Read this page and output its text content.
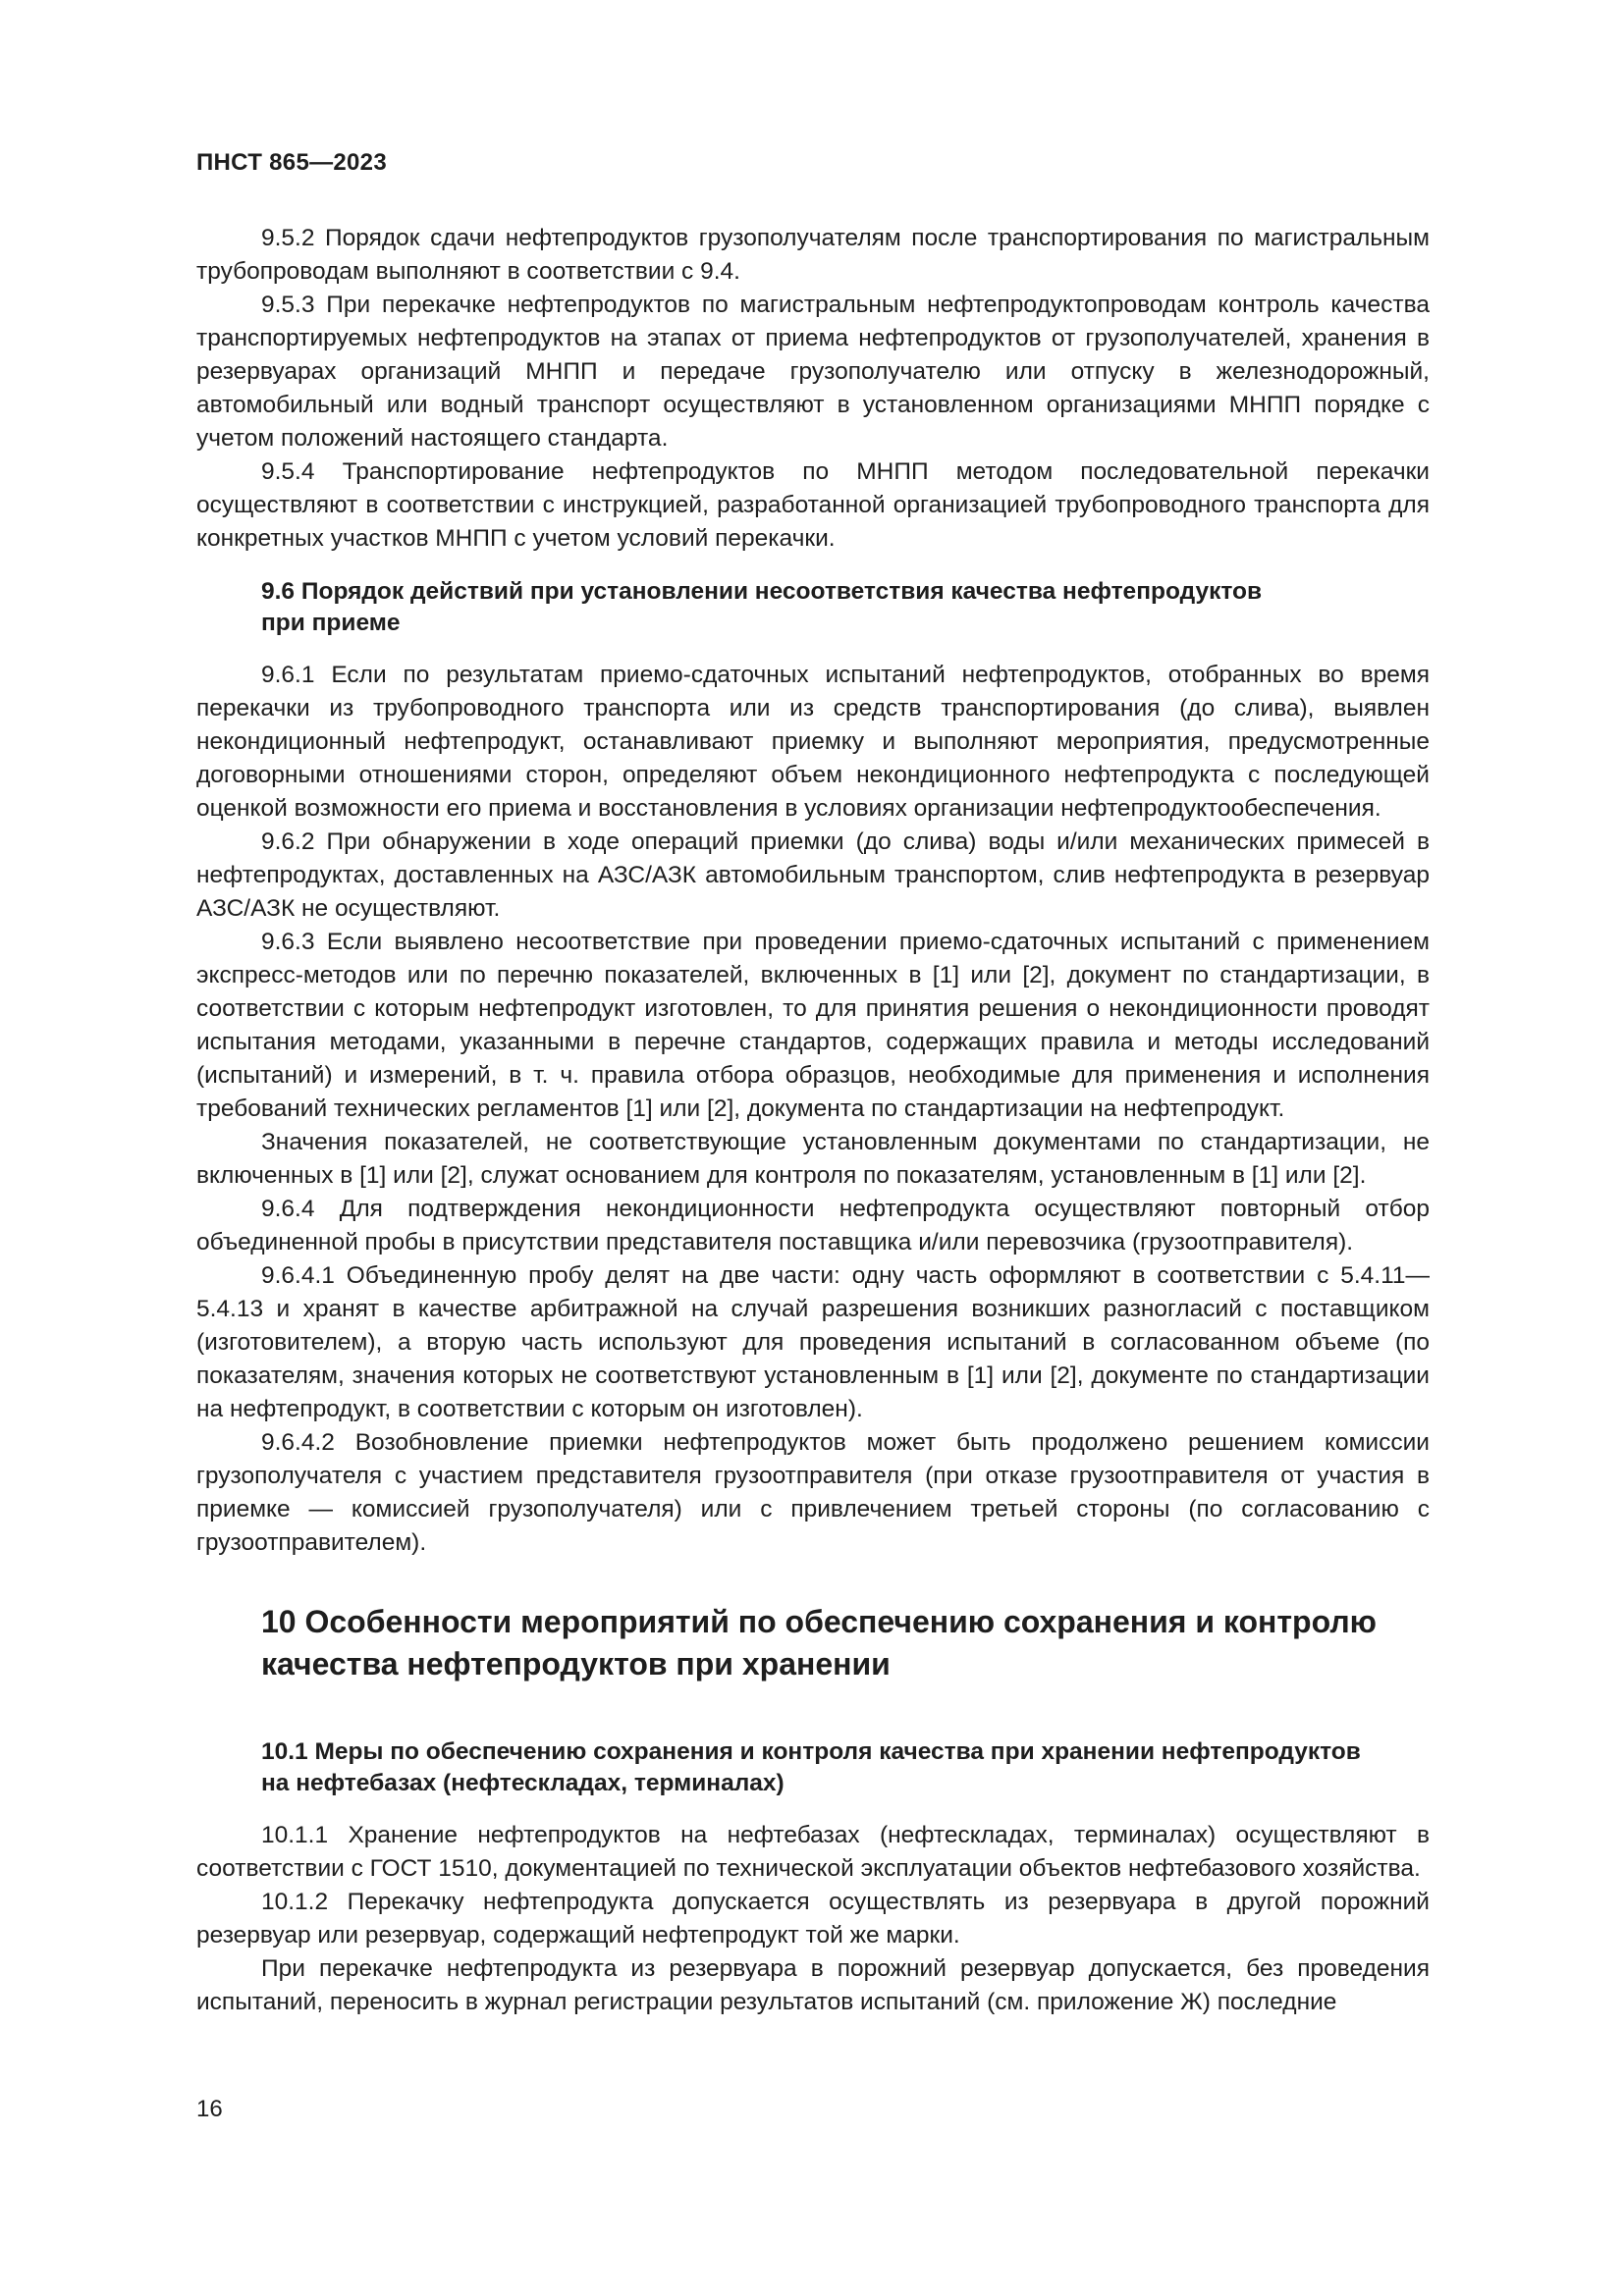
ПНСТ 865—2023

9.5.2 Порядок сдачи нефтепродуктов грузополучателям после транспортирования по магистральным трубопроводам выполняют в соответствии с 9.4.

9.5.3 При перекачке нефтепродуктов по магистральным нефтепродуктопроводам контроль качества транспортируемых нефтепродуктов на этапах от приема нефтепродуктов от грузополучателей, хранения в резервуарах организаций МНПП и передаче грузополучателю или отпуску в железнодорожный, автомобильный или водный транспорт осуществляют в установленном организациями МНПП порядке с учетом положений настоящего стандарта.

9.5.4 Транспортирование нефтепродуктов по МНПП методом последовательной перекачки осуществляют в соответствии с инструкцией, разработанной организацией трубопроводного транспорта для конкретных участков МНПП с учетом условий перекачки.

9.6 Порядок действий при установлении несоответствия качества нефтепродуктов
при приеме

9.6.1 Если по результатам приемо-сдаточных испытаний нефтепродуктов, отобранных во время перекачки из трубопроводного транспорта или из средств транспортирования (до слива), выявлен некондиционный нефтепродукт, останавливают приемку и выполняют мероприятия, предусмотренные договорными отношениями сторон, определяют объем некондиционного нефтепродукта с последующей оценкой возможности его приема и восстановления в условиях организации нефтепродуктообеспечения.

9.6.2 При обнаружении в ходе операций приемки (до слива) воды и/или механических примесей в нефтепродуктах, доставленных на АЗС/АЗК автомобильным транспортом, слив нефтепродукта в резервуар АЗС/АЗК не осуществляют.

9.6.3 Если выявлено несоответствие при проведении приемо-сдаточных испытаний с применением экспресс-методов или по перечню показателей, включенных в [1] или [2], документ по стандартизации, в соответствии с которым нефтепродукт изготовлен, то для принятия решения о некондиционности проводят испытания методами, указанными в перечне стандартов, содержащих правила и методы исследований (испытаний) и измерений, в т. ч. правила отбора образцов, необходимые для применения и исполнения требований технических регламентов [1] или [2], документа по стандартизации на нефтепродукт.

Значения показателей, не соответствующие установленным документами по стандартизации, не включенных в [1] или [2], служат основанием для контроля по показателям, установленным в [1] или [2].

9.6.4 Для подтверждения некондиционности нефтепродукта осуществляют повторный отбор объединенной пробы в присутствии представителя поставщика и/или перевозчика (грузоотправителя).

9.6.4.1 Объединенную пробу делят на две части: одну часть оформляют в соответствии с 5.4.11—5.4.13 и хранят в качестве арбитражной на случай разрешения возникших разногласий с поставщиком (изготовителем), а вторую часть используют для проведения испытаний в согласованном объеме (по показателям, значения которых не соответствуют установленным в [1] или [2], документе по стандартизации на нефтепродукт, в соответствии с которым он изготовлен).

9.6.4.2 Возобновление приемки нефтепродуктов может быть продолжено решением комиссии грузополучателя с участием представителя грузоотправителя (при отказе грузоотправителя от участия в приемке — комиссией грузополучателя) или с привлечением третьей стороны (по согласованию с грузоотправителем).

10 Особенности мероприятий по обеспечению сохранения и контролю
качества нефтепродуктов при хранении
10.1 Меры по обеспечению сохранения и контроля качества при хранении нефтепродуктов
на нефтебазах (нефтескладах, терминалах)

10.1.1 Хранение нефтепродуктов на нефтебазах (нефтескладах, терминалах) осуществляют в соответствии с ГОСТ 1510, документацией по технической эксплуатации объектов нефтебазового хозяйства.

10.1.2 Перекачку нефтепродукта допускается осуществлять из резервуара в другой порожний резервуар или резервуар, содержащий нефтепродукт той же марки.

При перекачке нефтепродукта из резервуара в порожний резервуар допускается, без проведения испытаний, переносить в журнал регистрации результатов испытаний (см. приложение Ж) последние

16
